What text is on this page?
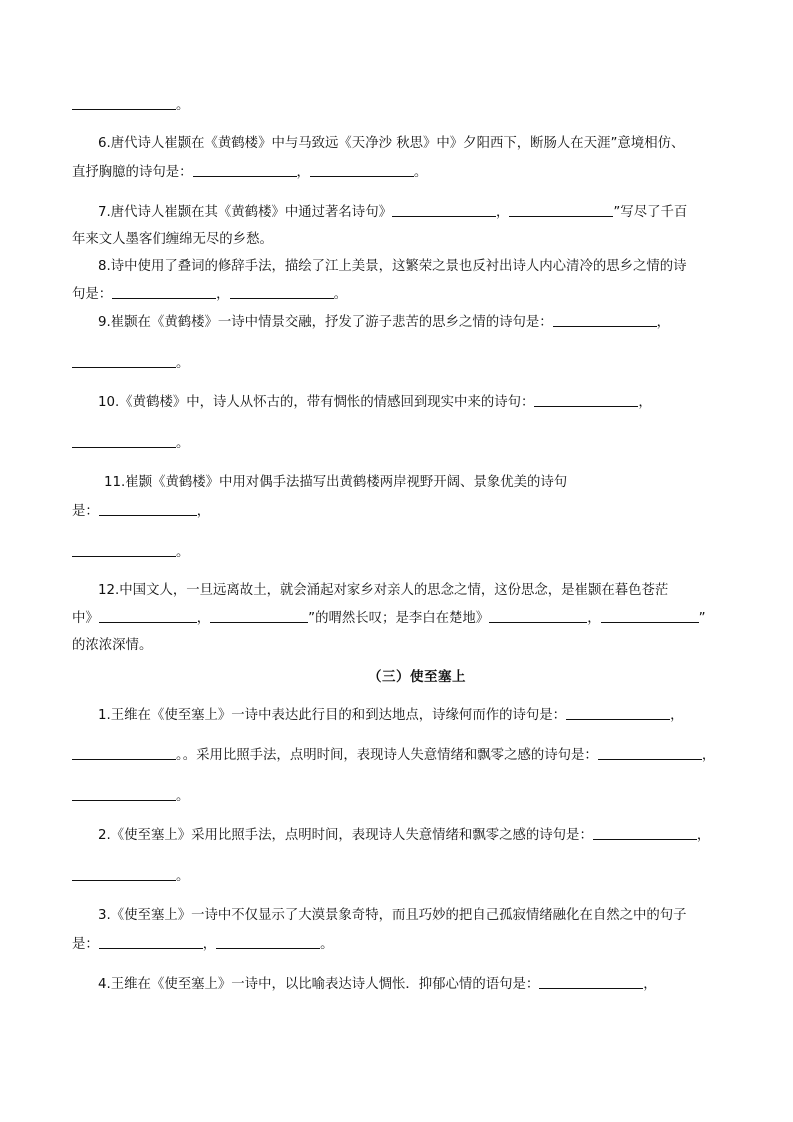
。
6.唐代诗人崔颢在《黄鹤楼》中与马致远《天净沙 秋思》中》夕阳西下，断肠人在天涯”意境相仿、
直抒胸臆的诗句是：	，	。
7.唐代诗人崔颢在其《黄鹤楼》中通过著名诗句》	，	”写尽了千百
年来文人墨客们缠绵无尽的乡愁。
8.诗中使用了叠词的修辞手法，描绘了江上美景，这繁荣之景也反衬出诗人内心清冷的思乡之情的诗
句是：	，	。
9.崔颢在《黄鹤楼》一诗中情景交融，抒发了游子悲苦的思乡之情的诗句是：	，
。
10.《黄鹤楼》中，诗人从怀古的，带有惆怅的情感回到现实中来的诗句：	，
。
11.崔颢《黄鹤楼》中用对偶手法描写出黄鹤楼两岸视野开阔、景象优美的诗句
是：	，
。
12.中国文人，一旦远离故土，就会涌起对家乡对亲人的思念之情，这份思念，是崔颢在暮色苍茫
中》	，	”的喟然长叹；是李白在楚地》	，	”
的浓浓深情。
（三）使至塞上
1.王维在《使至塞上》一诗中表达此行目的和到达地点，诗缘何而作的诗句是：	，
。。采用比照手法，点明时间，表现诗人失意情绪和飘零之感的诗句是：	，
。
2.《使至塞上》采用比照手法，点明时间，表现诗人失意情绪和飘零之感的诗句是：	，
。
3.《使至塞上》一诗中不仅显示了大漠景象奇特，而且巧妙的把自己孤寂情绪融化在自然之中的句子
是：	，	。
4.王维在《使至塞上》一诗中，以比喻表达诗人惆怅．抑郁心情的语句是：	，
